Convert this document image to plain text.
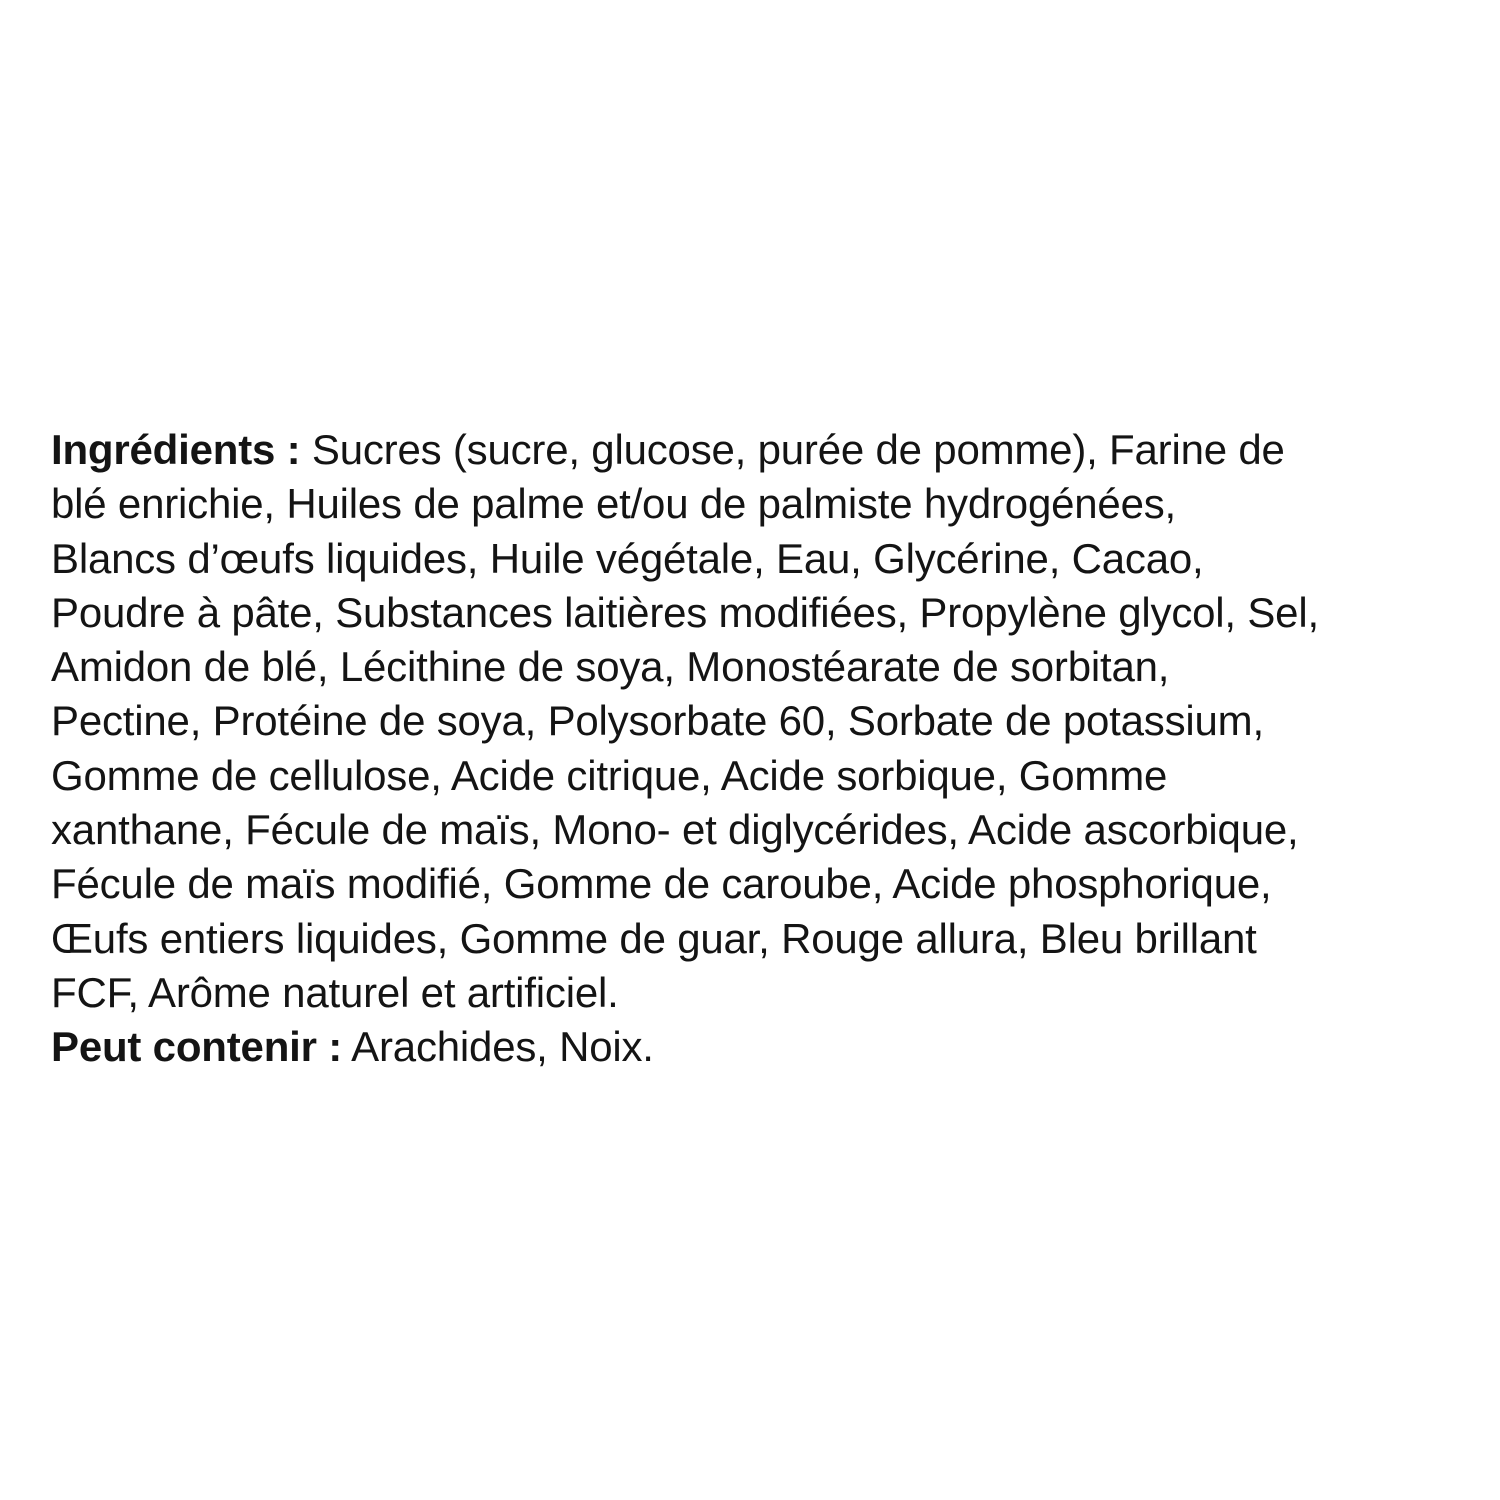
Ingrédients : Sucres (sucre, glucose, purée de pomme), Farine de
blé enrichie, Huiles de palme et/ou de palmiste hydrogénées,
Blancs d’œufs liquides, Huile végétale, Eau, Glycérine, Cacao,
Poudre à pâte, Substances laitières modifiées, Propylène glycol, Sel,
Amidon de blé, Lécithine de soya, Monostéarate de sorbitan,
Pectine, Protéine de soya, Polysorbate 60, Sorbate de potassium,
Gomme de cellulose, Acide citrique, Acide sorbique, Gomme
xanthane, Fécule de maïs, Mono- et diglycérides, Acide ascorbique,
Fécule de maïs modifié, Gomme de caroube, Acide phosphorique,
Œufs entiers liquides, Gomme de guar, Rouge allura, Bleu brillant
FCF, Arôme naturel et artificiel.
Peut contenir : Arachides, Noix.
